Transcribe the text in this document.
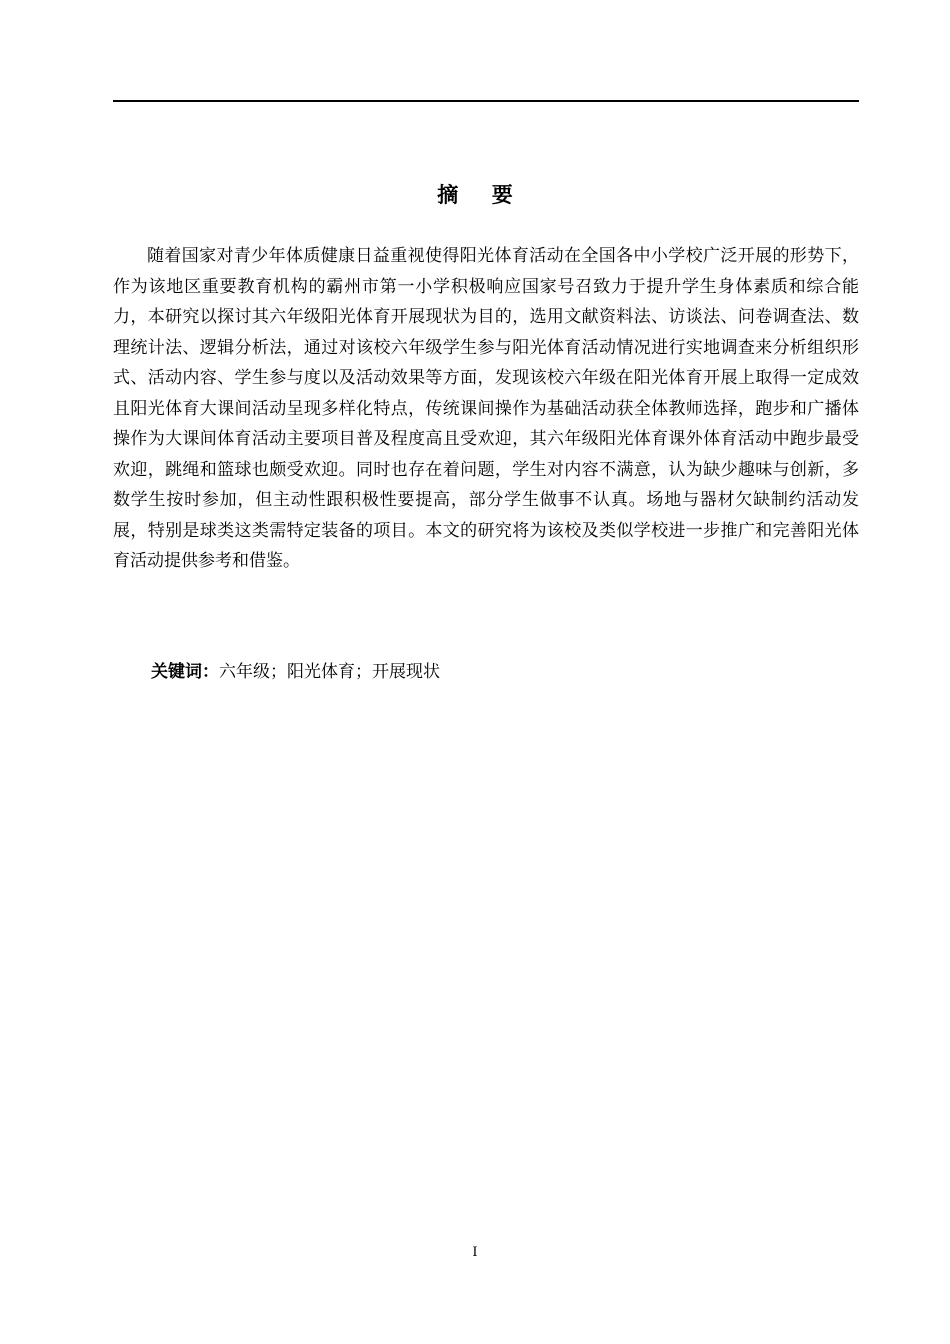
摘要

随着国家对青少年体质健康日益重视使得阳光体育活动在全国各中小学校广泛开展的形势下，作为该地区重要教育机构的霸州市第一小学积极响应国家号召致力于提升学生身体素质和综合能力，本研究以探讨其六年级阳光体育开展现状为目的，选用文献资料法、访谈法、问卷调查法、数理统计法、逻辑分析法，通过对该校六年级学生参与阳光体育活动情况进行实地调查来分析组织形式、活动内容、学生参与度以及活动效果等方面，发现该校六年级在阳光体育开展上取得一定成效且阳光体育大课间活动呈现多样化特点，传统课间操作为基础活动获全体教师选择，跑步和广播体操作为大课间体育活动主要项目普及程度高且受欢迎，其六年级阳光体育课外体育活动中跑步最受欢迎，跳绳和篮球也颇受欢迎。同时也存在着问题，学生对内容不满意，认为缺少趣味与创新，多数学生按时参加，但主动性跟积极性要提高，部分学生做事不认真。场地与器材欠缺制约活动发展，特别是球类这类需特定装备的项目。本文的研究将为该校及类似学校进一步推广和完善阳光体育活动提供参考和借鉴。

关键词：六年级；阳光体育；开展现状
I
